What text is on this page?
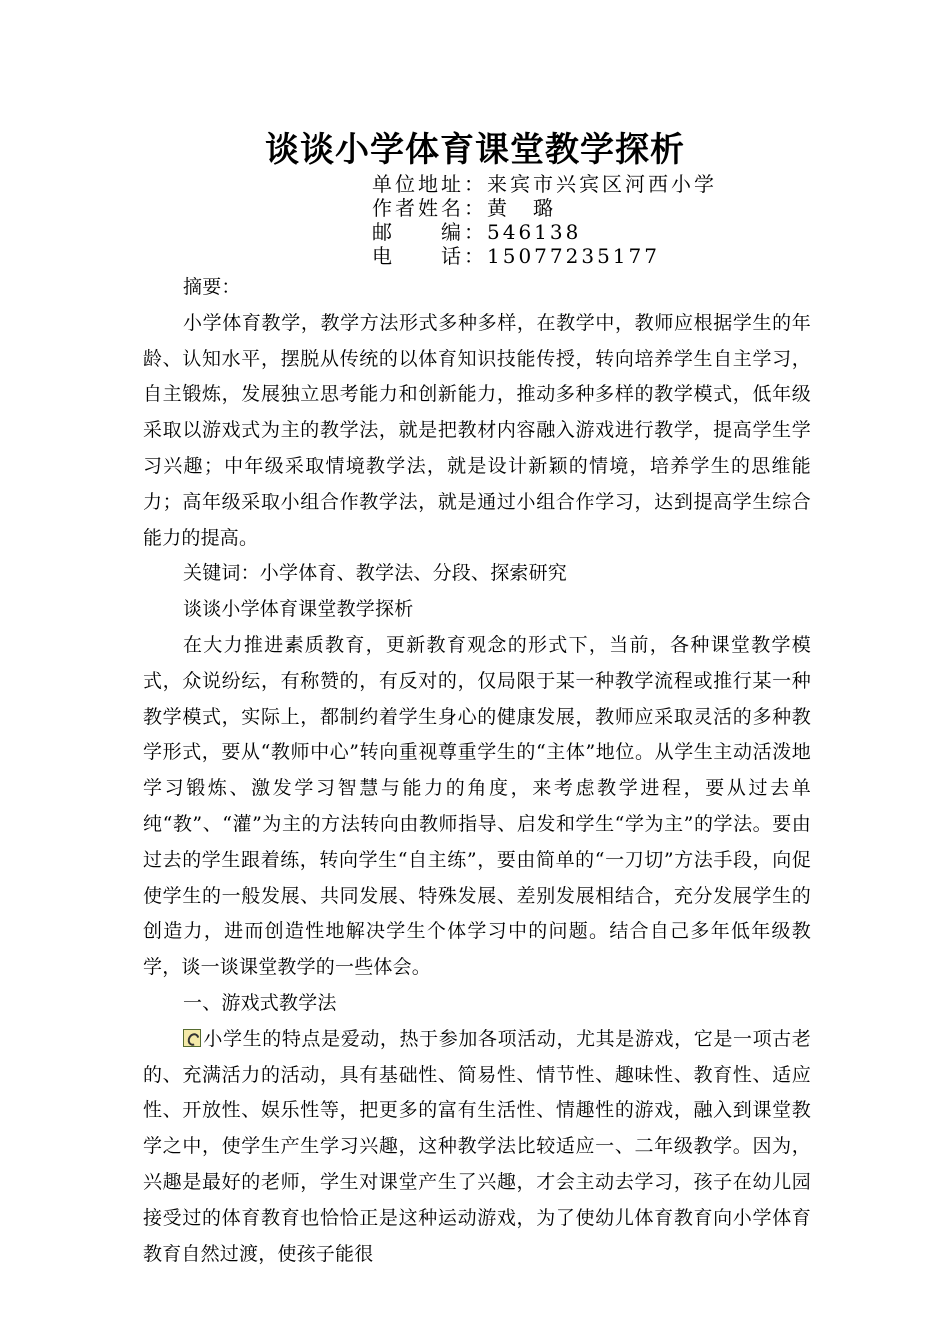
谈谈小学体育课堂教学探析
单位地址：来宾市兴宾区河西小学
作者姓名：黄　璐
邮　　编：546138
电　　话：15077235177

摘要：

小学体育教学，教学方法形式多种多样，在教学中，教师应根据学生的年龄、认知水平，摆脱从传统的以体育知识技能传授，转向培养学生自主学习，自主锻炼，发展独立思考能力和创新能力，推动多种多样的教学模式，低年级采取以游戏式为主的教学法，就是把教材内容融入游戏进行教学，提高学生学习兴趣；中年级采取情境教学法，就是设计新颖的情境，培养学生的思维能力；高年级采取小组合作教学法，就是通过小组合作学习，达到提高学生综合能力的提高。

关键词：小学体育、教学法、分段、探索研究

谈谈小学体育课堂教学探析

在大力推进素质教育，更新教育观念的形式下，当前，各种课堂教学模式，众说纷纭，有称赞的，有反对的，仅局限于某一种教学流程或推行某一种教学模式，实际上，都制约着学生身心的健康发展，教师应采取灵活的多种教学形式，要从“教师中心”转向重视尊重学生的“主体”地位。从学生主动活泼地学习锻炼、激发学习智慧与能力的角度，来考虑教学进程，要从过去单纯“教”、“灌”为主的方法转向由教师指导、启发和学生“学为主”的学法。要由过去的学生跟着练，转向学生“自主练”，要由简单的“一刀切”方法手段，向促使学生的一般发展、共同发展、特殊发展、差别发展相结合，充分发展学生的创造力，进而创造性地解决学生个体学习中的问题。结合自己多年低年级教学，谈一谈课堂教学的一些体会。

一、游戏式教学法

小学生的特点是爱动，热于参加各项活动，尤其是游戏，它是一项古老的、充满活力的活动，具有基础性、简易性、情节性、趣味性、教育性、适应性、开放性、娱乐性等，把更多的富有生活性、情趣性的游戏，融入到课堂教学之中，使学生产生学习兴趣，这种教学法比较适应一、二年级教学。因为，兴趣是最好的老师，学生对课堂产生了兴趣，才会主动去学习，孩子在幼儿园接受过的体育教育也恰恰正是这种运动游戏，为了使幼儿体育教育向小学体育教育自然过渡，使孩子能很
